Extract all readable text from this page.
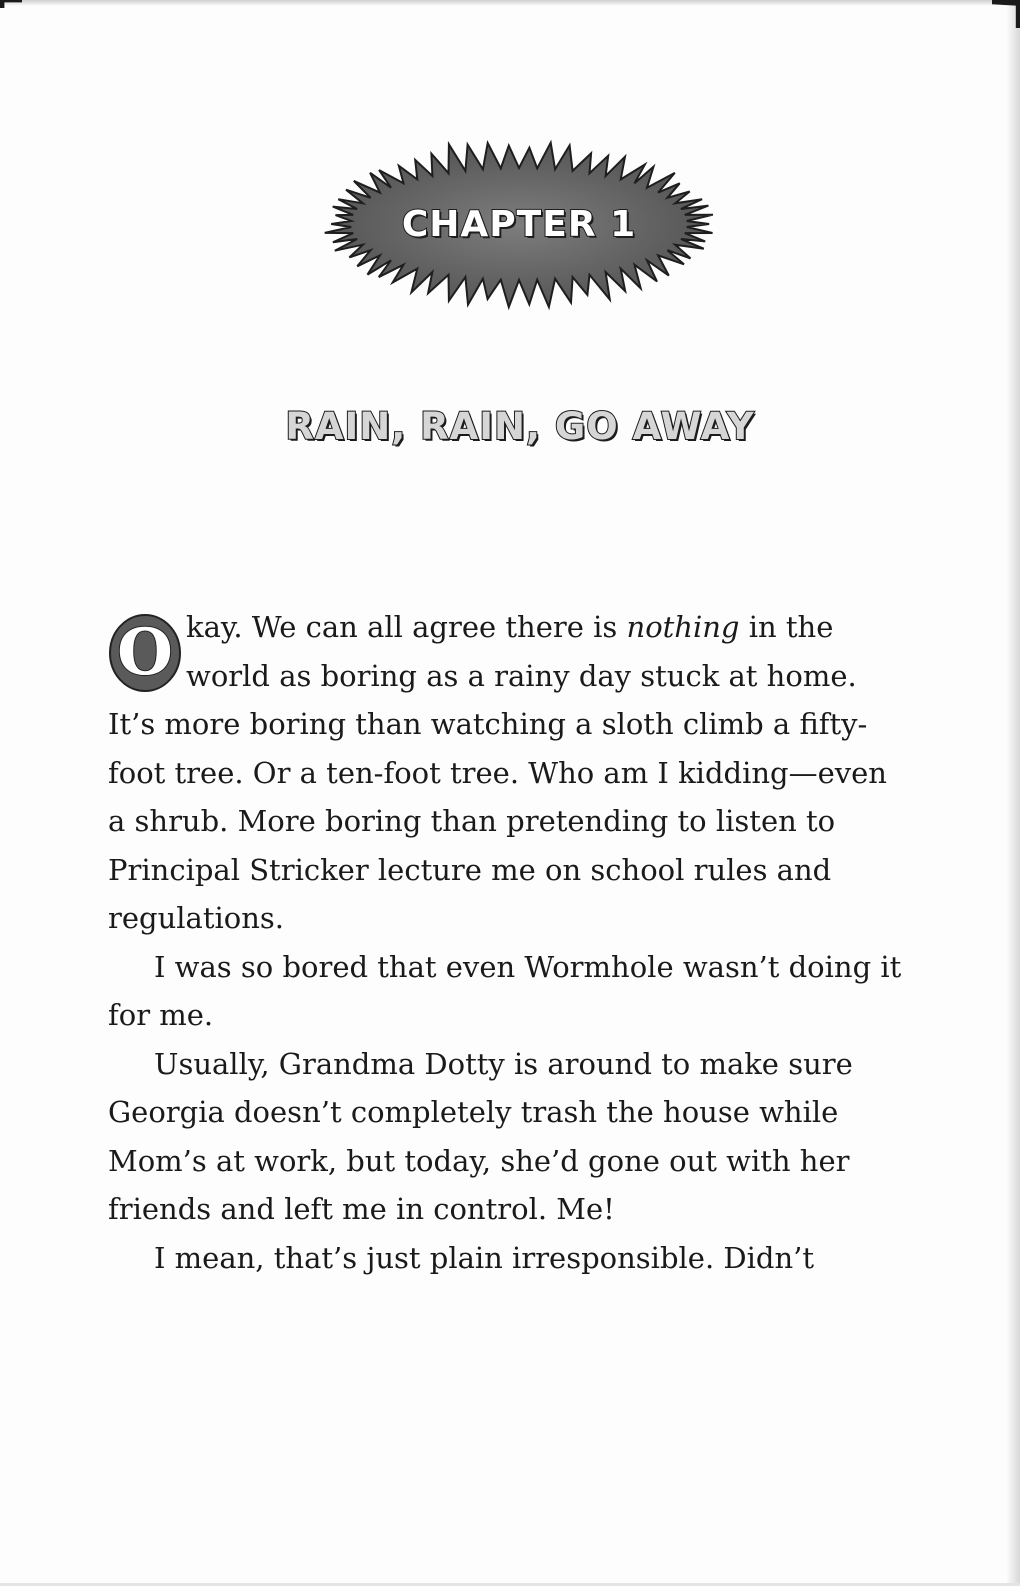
CHAPTER 1
RAIN, RAIN, GO AWAY

O kay. We can all agree there is nothing in the world as boring as a rainy day stuck at home. It’s more boring than watching a sloth climb a fifty-foot tree. Or a ten-foot tree. Who am I kidding—even a shrub. More boring than pretending to listen to Principal Stricker lecture me on school rules and regulations.

I was so bored that even Wormhole wasn’t doing it for me.

Usually, Grandma Dotty is around to make sure Georgia doesn’t completely trash the house while Mom’s at work, but today, she’d gone out with her friends and left me in control. Me!

I mean, that’s just plain irresponsible. Didn’t
